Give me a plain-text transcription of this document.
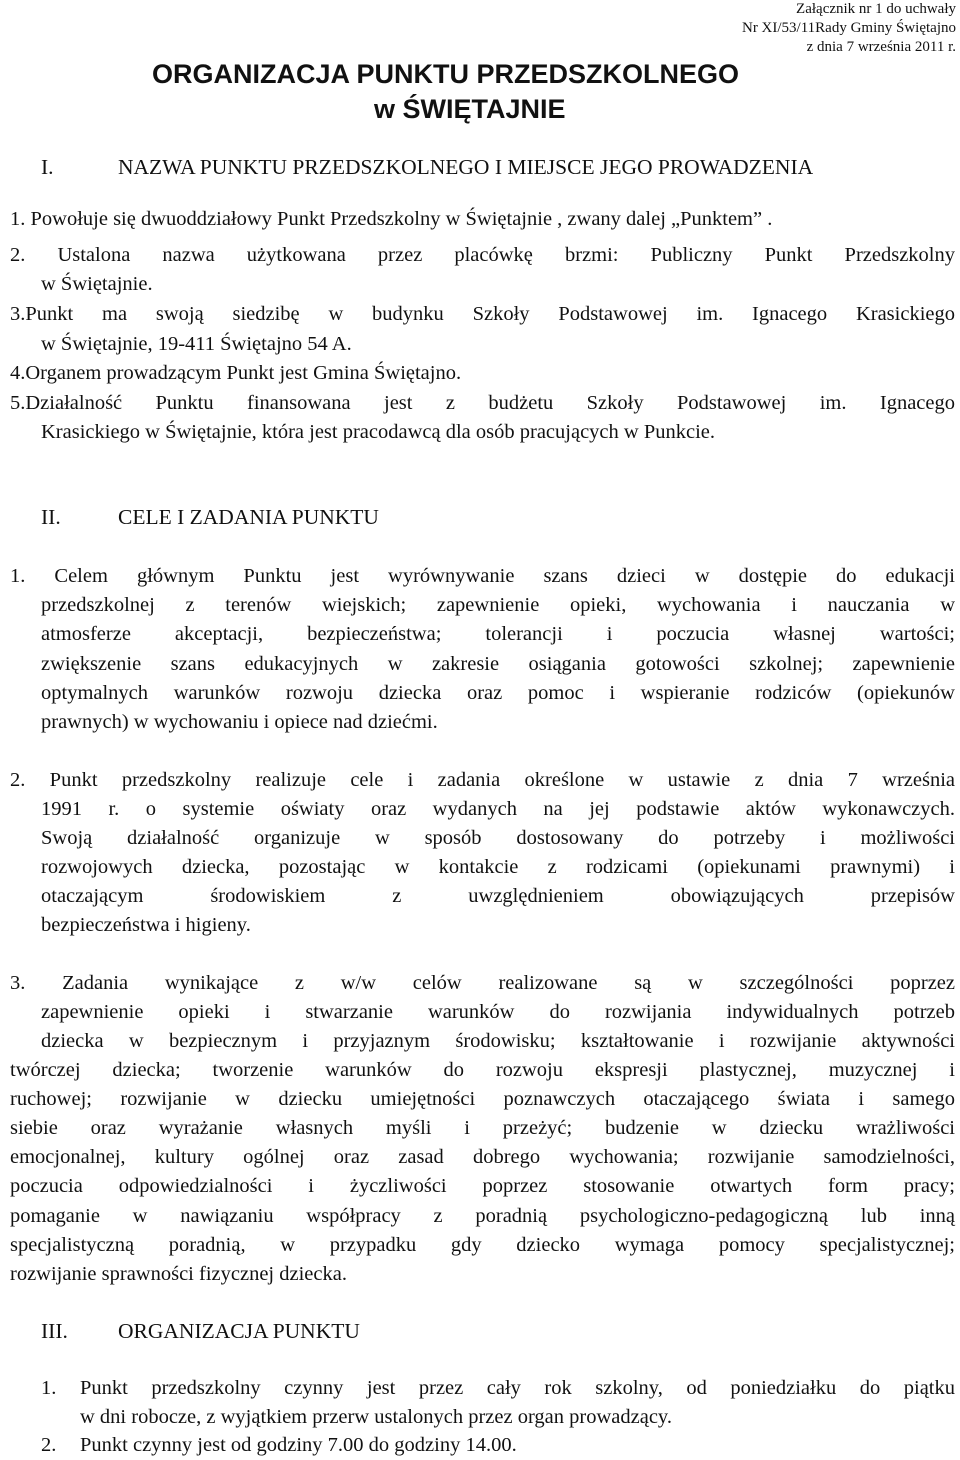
Załącznik nr 1 do uchwały
Nr XI/53/11Rady Gminy Świętajno
z dnia 7 września 2011 r.
ORGANIZACJA PUNKTU PRZEDSZKOLNEGO
w ŚWIĘTAJNIE
I.	NAZWA PUNKTU PRZEDSZKOLNEGO I MIEJSCE JEGO PROWADZENIA
1. Powołuje się dwuoddziałowy Punkt Przedszkolny w Świętajnie , zwany dalej „Punktem” .
2. Ustalona nazwa użytkowana przez placówkę brzmi: Publiczny Punkt Przedszkolny
w Świętajnie.
3.Punkt ma swoją siedzibę w budynku Szkoły Podstawowej im. Ignacego Krasickiego
w Świętajnie, 19-411 Świętajno 54 A.
4.Organem prowadzącym Punkt jest Gmina Świętajno.
5.Działalność Punktu finansowana jest z budżetu Szkoły Podstawowej im. Ignacego
Krasickiego w Świętajnie, która jest pracodawcą dla osób pracujących w Punkcie.
II.	CELE I ZADANIA PUNKTU
1. Celem głównym Punktu jest wyrównywanie szans dzieci w dostępie do edukacji
przedszkolnej z terenów wiejskich; zapewnienie opieki, wychowania i nauczania w
atmosferze akceptacji, bezpieczeństwa; tolerancji i poczucia własnej wartości;
zwiększenie szans edukacyjnych w zakresie osiągania gotowości szkolnej; zapewnienie
optymalnych warunków rozwoju dziecka oraz pomoc i wspieranie rodziców (opiekunów
prawnych) w wychowaniu i opiece nad dziećmi.
2. Punkt przedszkolny realizuje cele i zadania określone w ustawie z dnia 7 września
1991 r. o systemie oświaty oraz wydanych na jej podstawie aktów wykonawczych.
Swoją działalność organizuje w sposób dostosowany do potrzeby i możliwości
rozwojowych dziecka, pozostając w kontakcie z rodzicami (opiekunami prawnymi) i
otaczającym środowiskiem z uwzględnieniem obowiązujących przepisów
bezpieczeństwa i higieny.
3. Zadania wynikające z w/w celów realizowane są w szczególności poprzez
zapewnienie opieki i stwarzanie warunków do rozwijania indywidualnych potrzeb
dziecka w bezpiecznym i przyjaznym środowisku; kształtowanie i rozwijanie aktywności
twórczej dziecka; tworzenie warunków do rozwoju ekspresji plastycznej, muzycznej i
ruchowej; rozwijanie w dziecku umiejętności poznawczych otaczającego świata i samego
siebie oraz wyrażanie własnych myśli i przeżyć; budzenie w dziecku wrażliwości
emocjonalnej, kultury ogólnej oraz zasad dobrego wychowania; rozwijanie samodzielności,
poczucia odpowiedzialności i życzliwości poprzez stosowanie otwartych form pracy;
pomaganie w nawiązaniu współpracy z poradnią psychologiczno-pedagogiczną lub inną
specjalistyczną poradnią, w przypadku gdy dziecko wymaga pomocy specjalistycznej;
rozwijanie sprawności fizycznej dziecka.
III. ORGANIZACJA PUNKTU
1. Punkt przedszkolny czynny jest przez cały rok szkolny, od poniedziałku do piątku
w dni robocze, z wyjątkiem przerw ustalonych przez organ prowadzący.
2. Punkt czynny jest od godziny 7.00 do godziny 14.00.
